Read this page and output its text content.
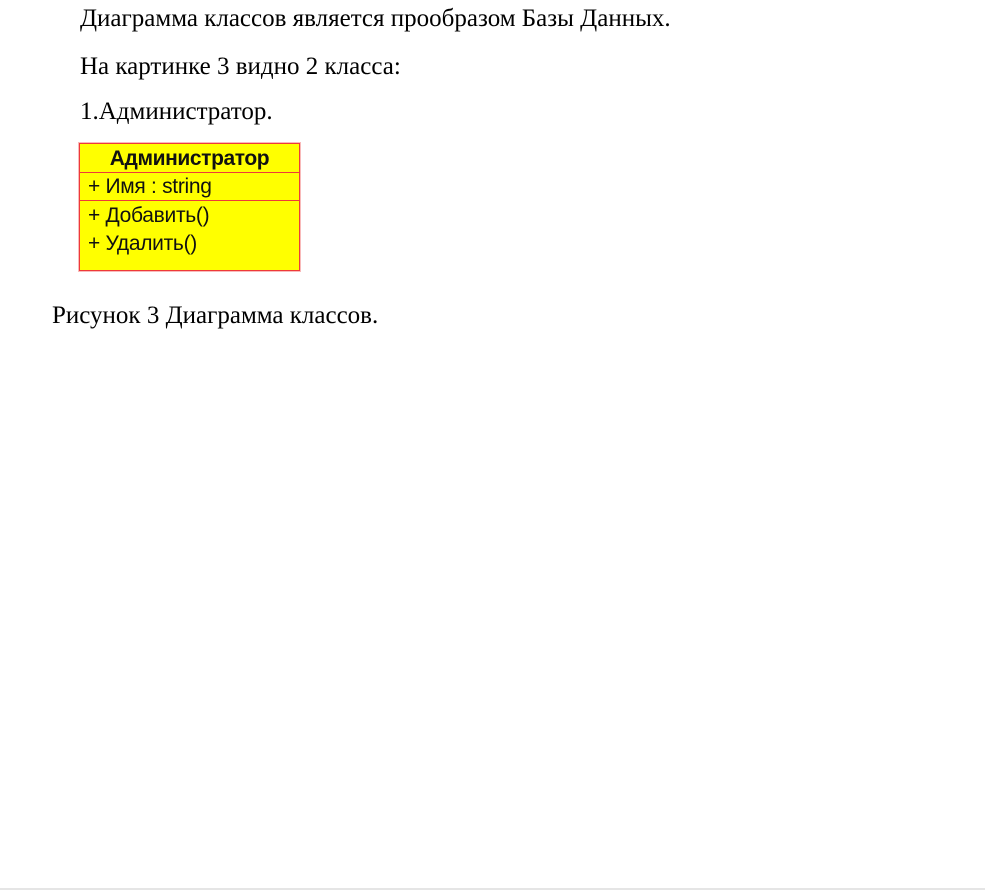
Диаграмма классов является прообразом Базы Данных.

На картинке 3 видно 2 класса:

1.Администратор.

Администратор
+ Имя : string
+ Добавить()
+ Удалить()

Рисунок 3 Диаграмма классов.
